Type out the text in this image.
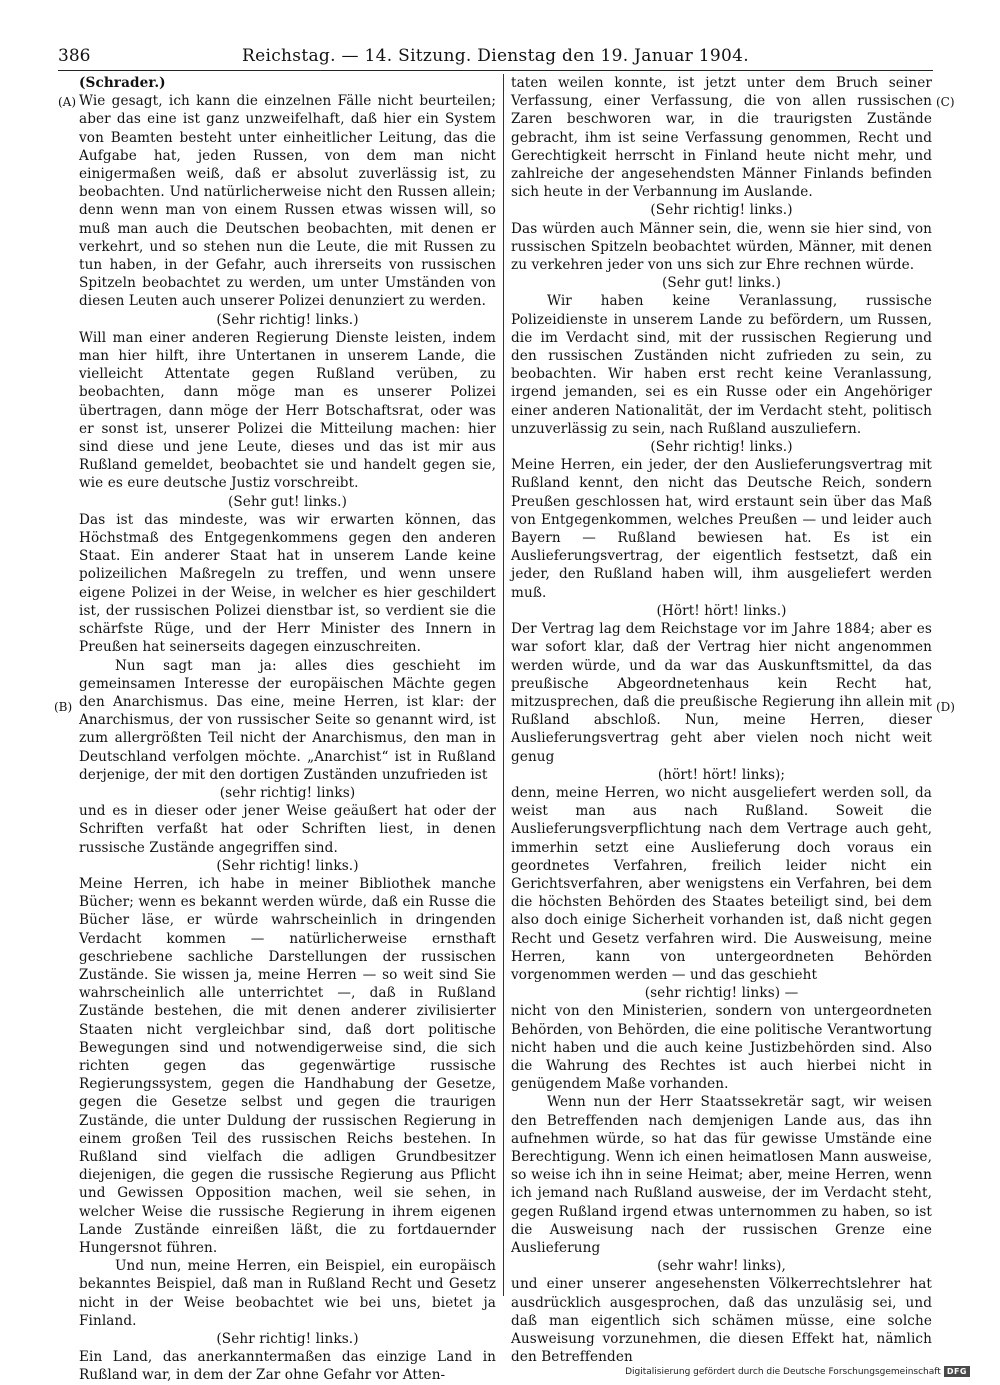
386	Reichstag. — 14. Sitzung. Dienstag den 19. Januar 1904.
(A)
(B)
(C)
(D)

(Schrader.)

Wie gesagt, ich kann die einzelnen Fälle nicht beurteilen; aber das eine ist ganz unzweifelhaft, daß hier ein System von Beamten besteht unter einheitlicher Leitung, das die Aufgabe hat, jeden Russen, von dem man nicht einigermaßen weiß, daß er absolut zuverlässig ist, zu beobachten. Und natürlicherweise nicht den Russen allein; denn wenn man von einem Russen etwas wissen will, so muß man auch die Deutschen beobachten, mit denen er verkehrt, und so stehen nun die Leute, die mit Russen zu tun haben, in der Gefahr, auch ihrerseits von russischen Spitzeln beobachtet zu werden, um unter Umständen von diesen Leuten auch unserer Polizei denunziert zu werden.

(Sehr richtig! links.)

Will man einer anderen Regierung Dienste leisten, indem man hier hilft, ihre Untertanen in unserem Lande, die vielleicht Attentate gegen Rußland verüben, zu beobachten, dann möge man es unserer Polizei übertragen, dann möge der Herr Botschaftsrat, oder was er sonst ist, unserer Polizei die Mitteilung machen: hier sind diese und jene Leute, dieses und das ist mir aus Rußland gemeldet, beobachtet sie und handelt gegen sie, wie es eure deutsche Justiz vorschreibt.

(Sehr gut! links.)

Das ist das mindeste, was wir erwarten können, das Höchstmaß des Entgegenkommens gegen den anderen Staat. Ein anderer Staat hat in unserem Lande keine polizeilichen Maßregeln zu treffen, und wenn unsere eigene Polizei in der Weise, in welcher es hier geschildert ist, der russischen Polizei dienstbar ist, so verdient sie die schärfste Rüge, und der Herr Minister des Innern in Preußen hat seinerseits dagegen einzuschreiten.

Nun sagt man ja: alles dies geschieht im gemeinsamen Interesse der europäischen Mächte gegen den Anarchismus. Das eine, meine Herren, ist klar: der Anarchismus, der von russischer Seite so genannt wird, ist zum allergrößten Teil nicht der Anarchismus, den man in Deutschland verfolgen möchte. „Anarchist“ ist in Rußland derjenige, der mit den dortigen Zuständen unzufrieden ist

(sehr richtig! links)

und es in dieser oder jener Weise geäußert hat oder der Schriften verfaßt hat oder Schriften liest, in denen russische Zustände angegriffen sind.

(Sehr richtig! links.)

Meine Herren, ich habe in meiner Bibliothek manche Bücher; wenn es bekannt werden würde, daß ein Russe die Bücher läse, er würde wahrscheinlich in dringenden Verdacht kommen — natürlicherweise ernsthaft geschriebene sachliche Darstellungen der russischen Zustände. Sie wissen ja, meine Herren — so weit sind Sie wahrscheinlich alle unterrichtet —, daß in Rußland Zustände bestehen, die mit denen anderer zivilisierter Staaten nicht vergleichbar sind, daß dort politische Bewegungen sind und notwendigerweise sind, die sich richten gegen das gegenwärtige russische Regierungssystem, gegen die Handhabung der Gesetze, gegen die Gesetze selbst und gegen die traurigen Zustände, die unter Duldung der russischen Regierung in einem großen Teil des russischen Reichs bestehen. In Rußland sind vielfach die adligen Grundbesitzer diejenigen, die gegen die russische Regierung aus Pflicht und Gewissen Opposition machen, weil sie sehen, in welcher Weise die russische Regierung in ihrem eigenen Lande Zustände einreißen läßt, die zu fortdauernder Hungersnot führen.

Und nun, meine Herren, ein Beispiel, ein europäisch bekanntes Beispiel, daß man in Rußland Recht und Gesetz nicht in der Weise beobachtet wie bei uns, bietet ja Finland.

(Sehr richtig! links.)

Ein Land, das anerkanntermaßen das einzige Land in Rußland war, in dem der Zar ohne Gefahr vor Atten-

taten weilen konnte, ist jetzt unter dem Bruch seiner Verfassung, einer Verfassung, die von allen russischen Zaren beschworen war, in die traurigsten Zustände gebracht, ihm ist seine Verfassung genommen, Recht und Gerechtigkeit herrscht in Finland heute nicht mehr, und zahlreiche der angesehendsten Männer Finlands befinden sich heute in der Verbannung im Auslande.

(Sehr richtig! links.)

Das würden auch Männer sein, die, wenn sie hier sind, von russischen Spitzeln beobachtet würden, Männer, mit denen zu verkehren jeder von uns sich zur Ehre rechnen würde.

(Sehr gut! links.)

Wir haben keine Veranlassung, russische Polizeidienste in unserem Lande zu befördern, um Russen, die im Verdacht sind, mit der russischen Regierung und den russischen Zuständen nicht zufrieden zu sein, zu beobachten. Wir haben erst recht keine Veranlassung, irgend jemanden, sei es ein Russe oder ein Angehöriger einer anderen Nationalität, der im Verdacht steht, politisch unzuverlässig zu sein, nach Rußland auszuliefern.

(Sehr richtig! links.)

Meine Herren, ein jeder, der den Auslieferungsvertrag mit Rußland kennt, den nicht das Deutsche Reich, sondern Preußen geschlossen hat, wird erstaunt sein über das Maß von Entgegenkommen, welches Preußen — und leider auch Bayern — Rußland bewiesen hat. Es ist ein Auslieferungsvertrag, der eigentlich festsetzt, daß ein jeder, den Rußland haben will, ihm ausgeliefert werden muß.

(Hört! hört! links.)

Der Vertrag lag dem Reichstage vor im Jahre 1884; aber es war sofort klar, daß der Vertrag hier nicht angenommen werden würde, und da war das Auskunftsmittel, da das preußische Abgeordnetenhaus kein Recht hat, mitzusprechen, daß die preußische Regierung ihn allein mit Rußland abschloß. Nun, meine Herren, dieser Auslieferungsvertrag geht aber vielen noch nicht weit genug

(hört! hört! links);

denn, meine Herren, wo nicht ausgeliefert werden soll, da weist man aus nach Rußland. Soweit die Auslieferungsverpflichtung nach dem Vertrage auch geht, immerhin setzt eine Auslieferung doch voraus ein geordnetes Verfahren, freilich leider nicht ein Gerichtsverfahren, aber wenigstens ein Verfahren, bei dem die höchsten Behörden des Staates beteiligt sind, bei dem also doch einige Sicherheit vorhanden ist, daß nicht gegen Recht und Gesetz verfahren wird. Die Ausweisung, meine Herren, kann von untergeordneten Behörden vorgenommen werden — und das geschieht

(sehr richtig! links) —

nicht von den Ministerien, sondern von untergeordneten Behörden, von Behörden, die eine politische Verantwortung nicht haben und die auch keine Justizbehörden sind. Also die Wahrung des Rechtes ist auch hierbei nicht in genügendem Maße vorhanden.

Wenn nun der Herr Staatssekretär sagt, wir weisen den Betreffenden nach demjenigen Lande aus, das ihn aufnehmen würde, so hat das für gewisse Umstände eine Berechtigung. Wenn ich einen heimatlosen Mann ausweise, so weise ich ihn in seine Heimat; aber, meine Herren, wenn ich jemand nach Rußland ausweise, der im Verdacht steht, gegen Rußland irgend etwas unternommen zu haben, so ist die Ausweisung nach der russischen Grenze eine Auslieferung

(sehr wahr! links),

und einer unserer angesehensten Völkerrechtslehrer hat ausdrücklich ausgesprochen, daß das unzuläsig sei, und daß man eigentlich sich schämen müsse, eine solche Ausweisung vorzunehmen, die diesen Effekt hat, nämlich den Betreffenden

Digitalisierung gefördert durch die Deutsche Forschungsgemeinschaft DFG
